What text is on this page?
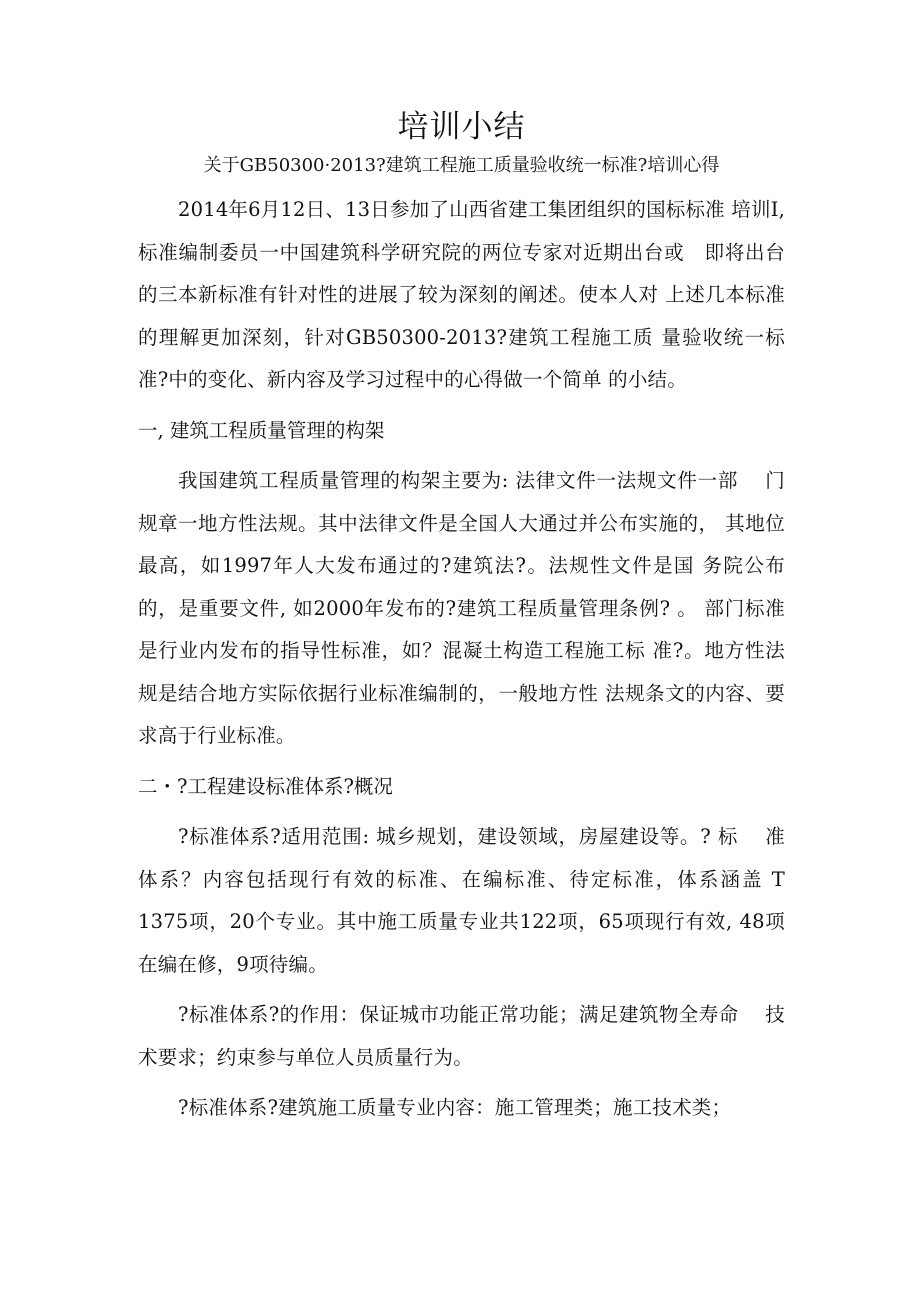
培训小结
关于GB50300·2013?建筑工程施工质量验收统一标准?培训心得

2014年6月12日、13日参加了山西省建工集团组织的国标标准 培训I,标准编制委员一中国建筑科学研究院的两位专家对近期出台或　即将出台的三本新标准有针对性的进展了较为深刻的阐述。使本人对 上述几本标准的理解更加深刻，针对GB50300-2013?建筑工程施工质 量验收统一标准?中的变化、新内容及学习过程中的心得做一个简单 的小结。

一, 建筑工程质量管理的构架

我国建筑工程质量管理的构架主要为: 法律文件一法规文件一部　 门规章一地方性法规。其中法律文件是全国人大通过并公布实施的， 其地位最高，如1997年人大发布通过的?建筑法?。法规性文件是国 务院公布的，是重要文件, 如2000年发布的?建筑工程质量管理条例? 。 部门标准是行业内发布的指导性标准，如？混凝土构造工程施工标 准?。地方性法规是结合地方实际依据行业标准编制的，一般地方性 法规条文的内容、要求高于行业标准。

二・?工程建设标准体系?概况

?标准体系?适用范围: 城乡规划，建设领域，房屋建设等。? 标　 准体系？内容包括现行有效的标准、在编标准、待定标准，体系涵盖 T 1375项，20个专业。其中施工质量专业共122项，65项现行有效, 48项在编在修，9项待编。

?标准体系?的作用：保证城市功能正常功能；满足建筑物全寿命　 技术要求；约束参与单位人员质量行为。

?标准体系?建筑施工质量专业内容：施工管理类；施工技术类；
